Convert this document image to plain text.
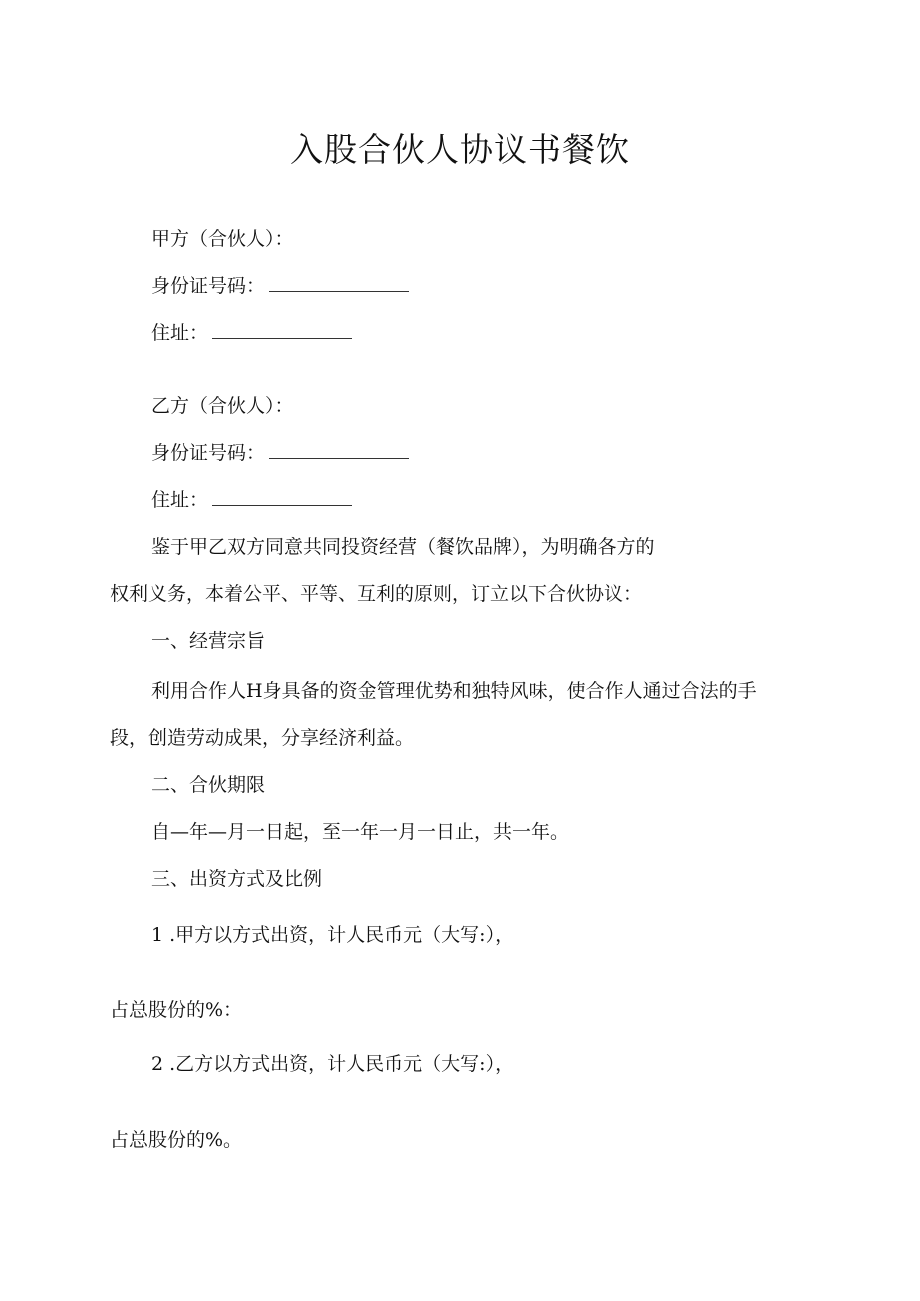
入股合伙人协议书餐饮

甲方（合伙人）：

身份证号码：

住址：

乙方（合伙人）：

身份证号码：

住址：

鉴于甲乙双方同意共同投资经营（餐饮品牌），为明确各方的

权利义务，本着公平、平等、互利的原则，订立以下合伙协议：

一、经营宗旨

利用合作人H身具备的资金管理优势和独特风味，使合作人通过合法的手

段，创造劳动成果，分享经济利益。

二、合伙期限

自—年—月一日起，至一年一月一日止，共一年。

三、出资方式及比例

1 .甲方以方式出资，计人民币元（大写:），

占总股份的%：

2 .乙方以方式出资，计人民币元（大写:），

占总股份的%。
